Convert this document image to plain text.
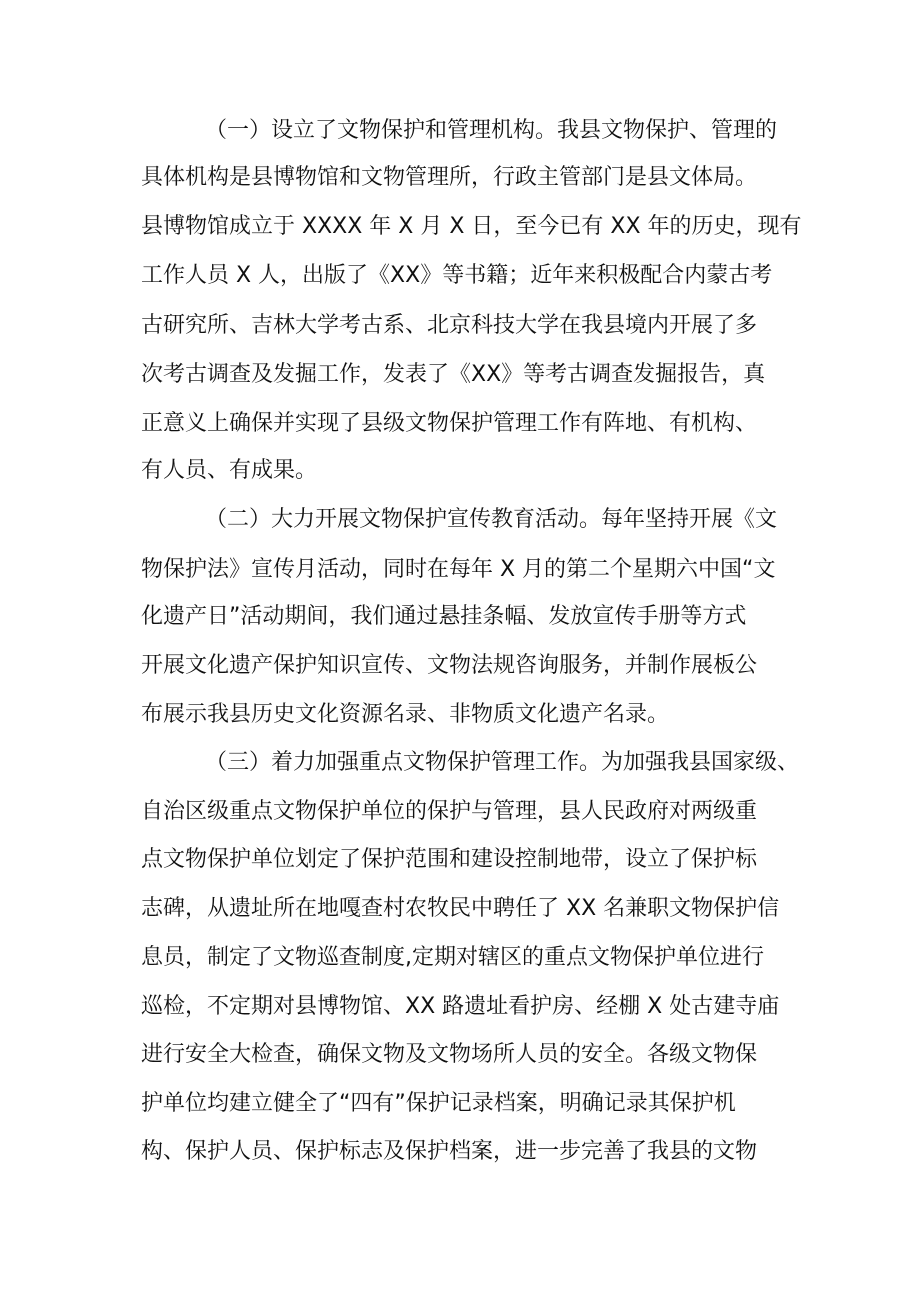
（一）设立了文物保护和管理机构。我县文物保护、管理的
具体机构是县博物馆和文物管理所，行政主管部门是县文体局。
县博物馆成立于 XXXX 年 X 月 X 日，至今已有 XX 年的历史，现有
工作人员 X 人，出版了《XX》等书籍；近年来积极配合内蒙古考
古研究所、吉林大学考古系、北京科技大学在我县境内开展了多
次考古调查及发掘工作，发表了《XX》等考古调查发掘报告，真
正意义上确保并实现了县级文物保护管理工作有阵地、有机构、
有人员、有成果。
（二）大力开展文物保护宣传教育活动。每年坚持开展《文
物保护法》宣传月活动，同时在每年 X 月的第二个星期六中国“文
化遗产日”活动期间，我们通过悬挂条幅、发放宣传手册等方式
开展文化遗产保护知识宣传、文物法规咨询服务，并制作展板公
布展示我县历史文化资源名录、非物质文化遗产名录。
（三）着力加强重点文物保护管理工作。为加强我县国家级、
自治区级重点文物保护单位的保护与管理，县人民政府对两级重
点文物保护单位划定了保护范围和建设控制地带，设立了保护标
志碑，从遗址所在地嘎查村农牧民中聘任了 XX 名兼职文物保护信
息员，制定了文物巡查制度,定期对辖区的重点文物保护单位进行
巡检，不定期对县博物馆、XX 路遗址看护房、经棚 X 处古建寺庙
进行安全大检查，确保文物及文物场所人员的安全。各级文物保
护单位均建立健全了“四有”保护记录档案，明确记录其保护机
构、保护人员、保护标志及保护档案，进一步完善了我县的文物
